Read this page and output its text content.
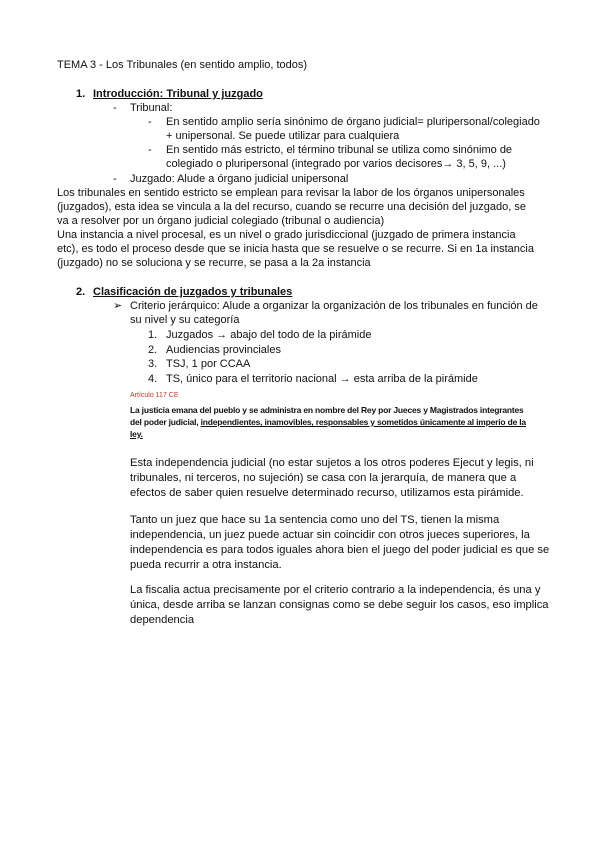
TEMA 3 - Los Tribunales (en sentido amplio, todos)
1. Introducción: Tribunal y juzgado
- Tribunal:
- En sentido amplio sería sinónimo de órgano judicial= pluripersonal/colegiado
+ unipersonal. Se puede utilizar para cualquiera
- En sentido más estricto, el término tribunal se utiliza como sinónimo de
colegiado o pluripersonal (integrado por varios decisores→ 3, 5, 9, ...)
- Juzgado: Alude a órgano judicial unipersonal
Los tribunales en sentido estricto se emplean para revisar la labor de los órganos unipersonales
(juzgados), esta idea se vincula a la del recurso, cuando se recurre una decisión del juzgado, se
va a resolver por un órgano judicial colegiado (tribunal o audiencia)
Una instancia a nivel procesal, es un nivel o grado jurisdiccional (juzgado de primera instancia
etc), es todo el proceso desde que se inicia hasta que se resuelve o se recurre. Si en 1a instancia
(juzgado) no se soluciona y se recurre, se pasa a la 2a instancia
2. Clasificación de juzgados y tribunales
➢ Criterio jerárquico: Alude a organizar la organización de los tribunales en función de
su nivel y su categoría
1. Juzgados → abajo del todo de la pirámide
2. Audiencias provinciales
3. TSJ, 1 por CCAA
4. TS, único para el territorio nacional → esta arriba de la pirámide
Artículo 117 CE
La justicia emana del pueblo y se administra en nombre del Rey por Jueces y Magistrados integrantes
del poder judicial, independientes, inamovibles, responsables y sometidos únicamente al imperio de la
ley.
Esta independencia judicial (no estar sujetos a los otros poderes Ejecut y legis, ni tribunales, ni terceros, no sujeción) se casa con la jerarquía, de manera que a efectos de saber quien resuelve determinado recurso, utilizamos esta pirámide.
Tanto un juez que hace su 1a sentencia como uno del TS, tienen la misma independencia, un juez puede actuar sin coincidir con otros jueces superiores, la independencia es para todos iguales ahora bien el juego del poder judicial es que se pueda recurrir a otra instancia.
La fiscalia actua precisamente por el criterio contrario a la independencia, és una y única, desde arriba se lanzan consignas como se debe seguir los casos, eso implica dependencia
